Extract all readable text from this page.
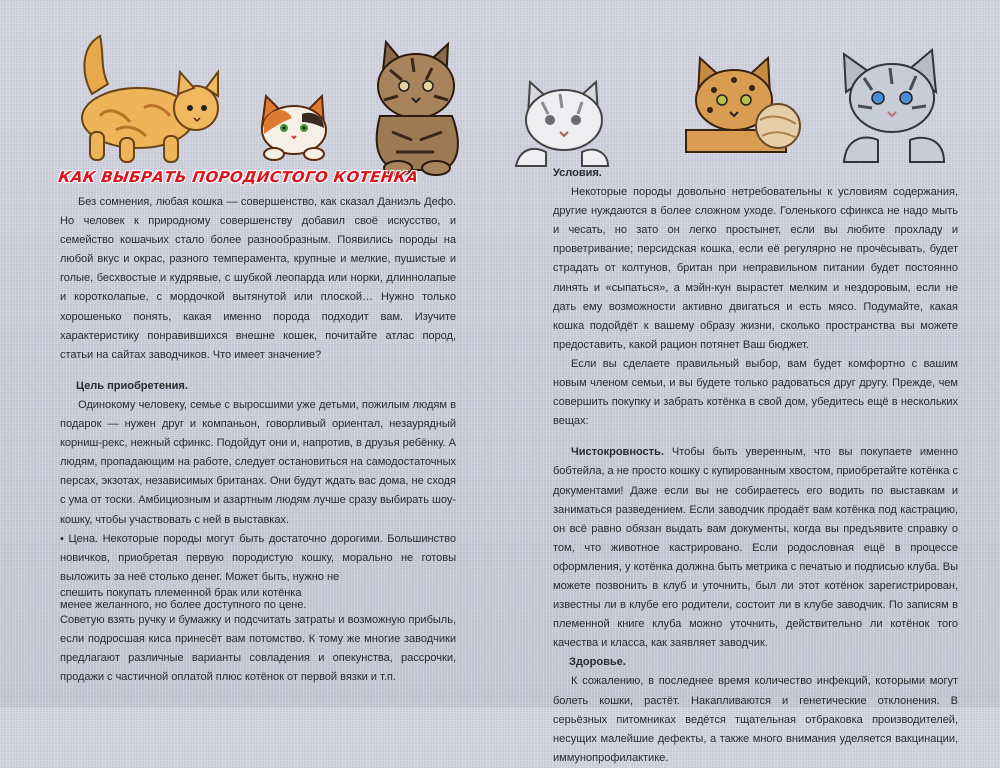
КАК ВЫБРАТЬ ПОРОДИСТОГО КОТЕНКА

Без сомнения, любая кошка — совершенство, как сказал Даниэль Дефо. Но человек к природному совершенству добавил своё искусство, и семейство кошачьих стало более разнообразным. Появились породы на любой вкус и окрас, разного темперамента, крупные и мелкие, пушистые и голые, бесхвостые и кудрявые, с шубкой леопарда или норки, длиннолапые и коротколапые, с мордочкой вытянутой или плоской… Нужно только хорошенько понять, какая именно порода подходит вам. Изучите характеристику понравившихся внешне кошек, почитайте атлас пород, статьи на сайтах заводчиков. Что имеет значение?

Цель приобретения.

Одинокому человеку, семье с выросшими уже детьми, пожилым людям в подарок — нужен друг и компаньон, говорливый ориентал, незаурядный корниш-рекс, нежный сфинкс. Подойдут они и, напротив, в друзья ребёнку. А людям, пропадающим на работе, следует остановиться на самодостаточных персах, экзотах, независимых британах. Они будут ждать вас дома, не сходя с ума от тоски. Амбициозным и азартным людям лучше сразу выбирать шоу-кошку, чтобы участвовать с ней в выставках.

• Цена. Некоторые породы могут быть достаточно дорогими. Большинство новичков, приобретая первую породистую кошку, морально не готовы выложить за неё столько денег. Может быть, нужно не

спешить покупать племенной брак или котёнка

менее желанного, но более доступного по цене.

Советую взять ручку и бумажку и подсчитать затраты и возможную прибыль, если подросшая киса принесёт вам потомство. К тому же многие заводчики предлагают различные варианты совладения и опекунства, рассрочки, продажи с частичной оплатой плюс котёнок от первой вязки и т.п.

Условия.

Некоторые породы довольно нетребовательны к условиям содержания, другие нуждаются в более сложном уходе. Голенького сфинкса не надо мыть и чесать, но зато он легко простынет, если вы любите прохладу и проветривание; персидская кошка, если её регулярно не прочёсывать, будет страдать от колтунов, британ при неправильном питании будет постоянно линять и «сыпаться», а мэйн-кун вырастет мелким и нездоровым, если не дать ему возможности активно двигаться и есть мясо. Подумайте, какая кошка подойдёт к вашему образу жизни, сколько пространства вы можете предоставить, какой рацион потянет Ваш бюджет.

Если вы сделаете правильный выбор, вам будет комфортно с вашим новым членом семьи, и вы будете только радоваться друг другу. Прежде, чем совершить покупку и забрать котёнка в свой дом, убедитесь ещё в нескольких вещах:

Чистокровность. Чтобы быть уверенным, что вы покупаете именно бобтейла, а не просто кошку с купированным хвостом, приобретайте котёнка с документами! Даже если вы не собираетесь его водить по выставкам и заниматься разведением. Если заводчик продаёт вам котёнка под кастрацию, он всё равно обязан выдать вам документы, когда вы предъявите справку о том, что животное кастрировано. Если родословная ещё в процессе оформления, у котёнка должна быть метрика с печатью и подписью клуба. Вы можете позвонить в клуб и уточнить, был ли этот котёнок зарегистрирован, известны ли в клубе его родители, состоит ли в клубе заводчик. По записям в племенной книге клуба можно уточнить, действительно ли котёнок того качества и класса, как заявляет заводчик.

Здоровье.

К сожалению, в последнее время количество инфекций, которыми могут болеть кошки, растёт. Накапливаются и генетические отклонения. В серьёзных питомниках ведётся тщательная отбраковка производителей, несущих малейшие дефекты, а также много внимания уделяется вакцинации, иммунопрофилактике.
